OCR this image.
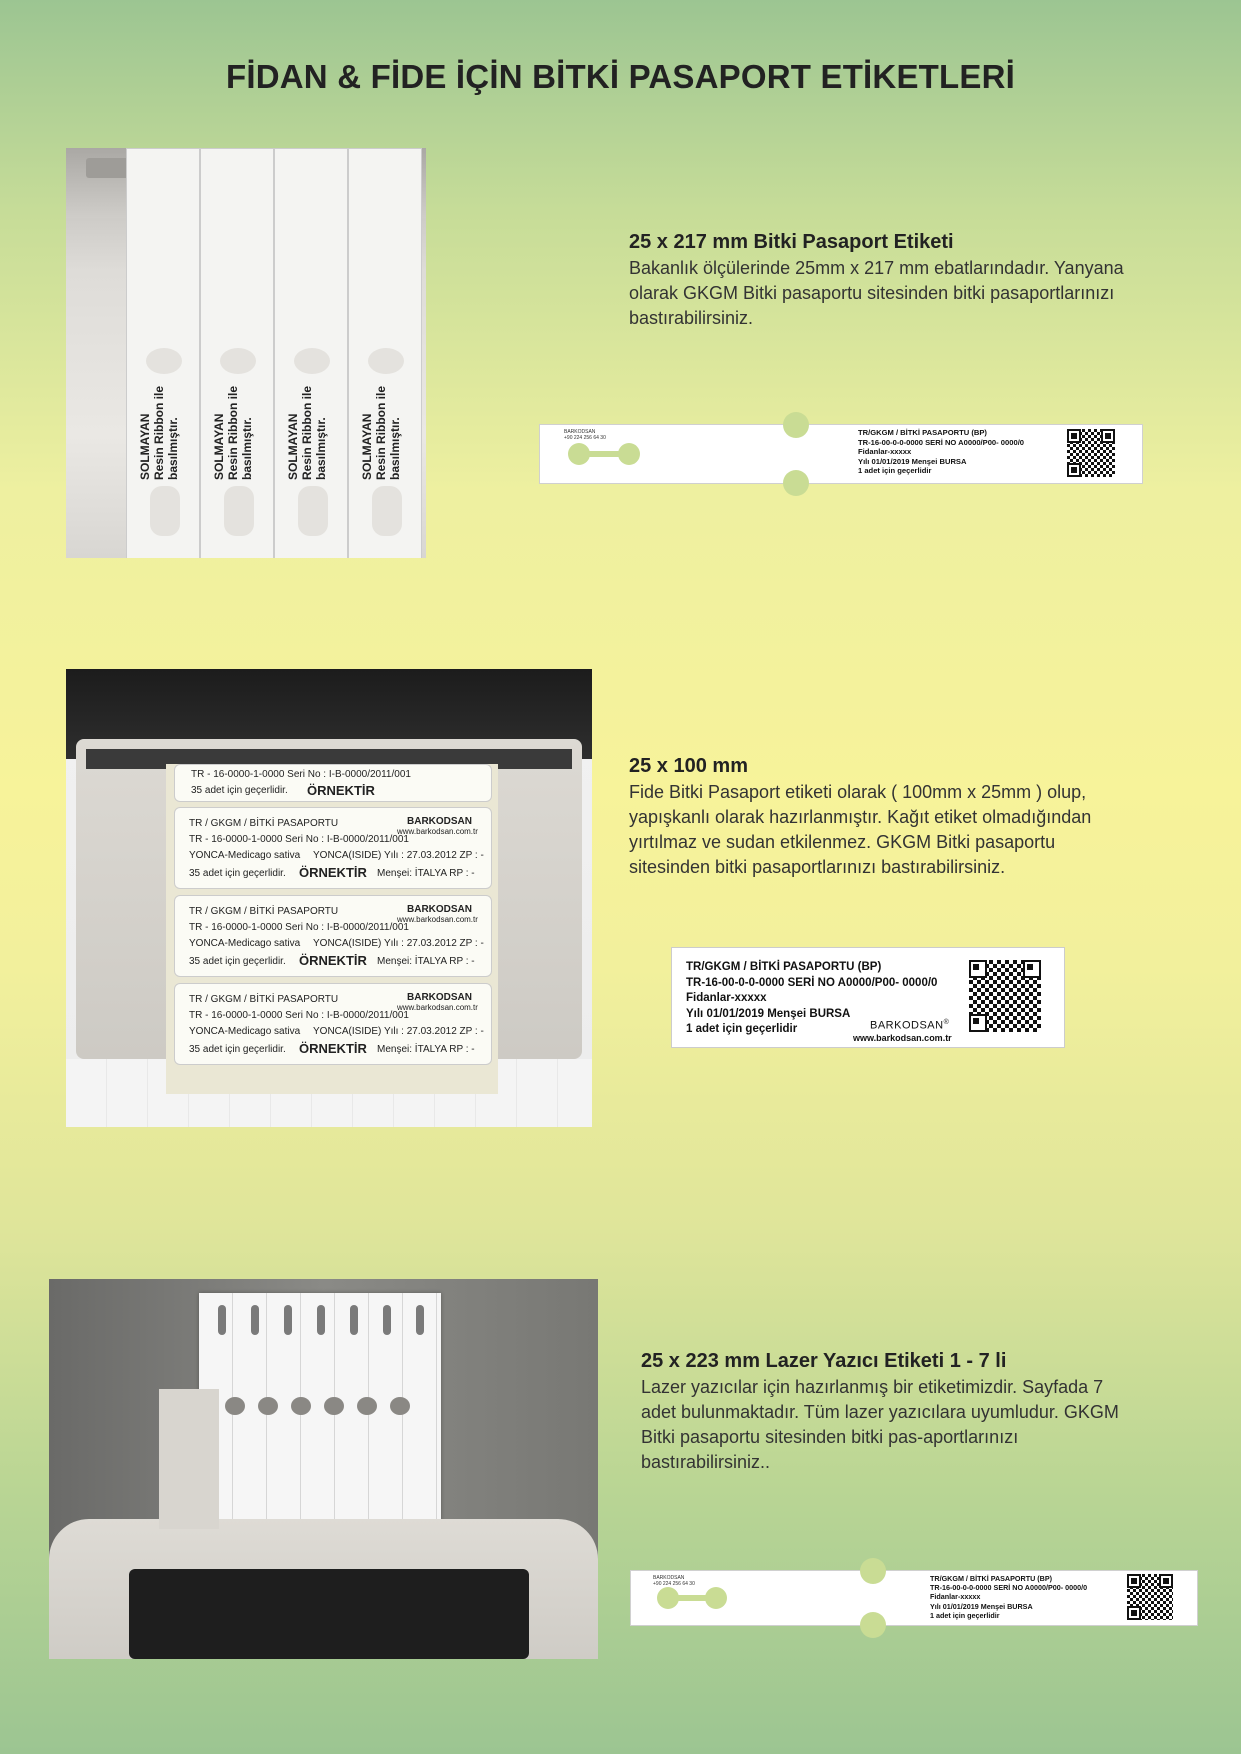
FİDAN & FİDE İÇİN BİTKİ PASAPORT ETİKETLERİ
SOLMAYAN
Resin Ribbon ile
basılmıştır.	SOLMAYAN
Resin Ribbon ile
basılmıştır.	SOLMAYAN
Resin Ribbon ile
basılmıştır.	SOLMAYAN
Resin Ribbon ile
basılmıştır.
25 x 217 mm Bitki Pasaport Etiketi

Bakanlık ölçülerinde 25mm x 217 mm ebatlarındadır. Yanyana olarak GKGM Bitki pasaportu sitesinden bitki pasaportlarınızı bastırabilirsiniz.

BARKODSAN
+90 224 256 64 30
TR/GKGM / BİTKİ PASAPORTU (BP)
TR-16-00-0-0-0000 SERİ NO A0000/P00- 0000/0
Fidanlar-xxxxx
Yılı 01/01/2019 Menşei BURSA
1 adet için geçerlidir
TR - 16-0000-1-0000 Seri No : I-B-0000/2011/001
35 adet için geçerlidir. ÖRNEKTİR
TR / GKGM / BİTKİ PASAPORTU	BARKODSAN
www.barkodsan.com.tr
TR - 16-0000-1-0000 Seri No : I-B-0000/2011/001
YONCA-Medicago sativa YONCA(ISIDE) Yılı : 27.03.2012 ZP : -
35 adet için geçerlidir. ÖRNEKTİR Menşei: İTALYA RP : -
TR / GKGM / BİTKİ PASAPORTU	BARKODSAN
www.barkodsan.com.tr
TR - 16-0000-1-0000 Seri No : I-B-0000/2011/001
YONCA-Medicago sativa YONCA(ISIDE) Yılı : 27.03.2012 ZP : -
35 adet için geçerlidir. ÖRNEKTİR Menşei: İTALYA RP : -
TR / GKGM / BİTKİ PASAPORTU	BARKODSAN
www.barkodsan.com.tr
TR - 16-0000-1-0000 Seri No : I-B-0000/2011/001
YONCA-Medicago sativa YONCA(ISIDE) Yılı : 27.03.2012 ZP : -
35 adet için geçerlidir. ÖRNEKTİR Menşei: İTALYA RP : -
25 x 100 mm

Fide Bitki Pasaport etiketi olarak ( 100mm x 25mm ) olup, yapışkanlı olarak hazırlanmıştır. Kağıt etiket olmadığından yırtılmaz ve sudan etkilenmez. GKGM Bitki pasaportu sitesinden bitki pasaportlarınızı bastırabilirsiniz.

TR/GKGM / BİTKİ PASAPORTU (BP)
TR-16-00-0-0-0000 SERİ NO A0000/P00- 0000/0
Fidanlar-xxxxx
Yılı 01/01/2019 Menşei BURSA
1 adet için geçerlidir	BARKODSAN®
www.barkodsan.com.tr
25 x 223 mm Lazer Yazıcı Etiketi 1 - 7 li

Lazer yazıcılar için hazırlanmış bir etiketimizdir. Sayfada 7 adet bulunmaktadır. Tüm lazer yazıcılara uyumludur. GKGM Bitki pasaportu sitesinden bitki pas-aportlarınızı bastırabilirsiniz..

BARKODSAN
+90 224 256 64 30
TR/GKGM / BİTKİ PASAPORTU (BP)
TR-16-00-0-0-0000 SERİ NO A0000/P00- 0000/0
Fidanlar-xxxxx
Yılı 01/01/2019 Menşei BURSA
1 adet için geçerlidir
